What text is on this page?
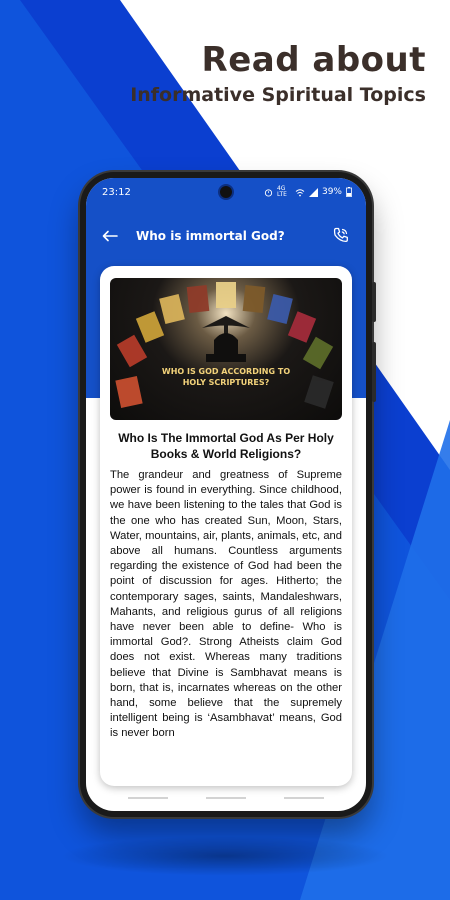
Read about
Informative Spiritual Topics
23:12	4G LTE	39%
Who is immortal God?
WHO IS GOD ACCORDING TO
HOLY SCRIPTURES?
Who Is The Immortal God As Per Holy Books & World Religions?
The grandeur and greatness of Supreme power is found in everything. Since childhood, we have been listening to the tales that God is the one who has created Sun, Moon, Stars, Water, mountains, air, plants, animals, etc, and above all humans. Countless arguments regarding the existence of God had been the point of discussion for ages. Hitherto; the contemporary sages, saints, Mandaleshwars, Mahants, and religious gurus of all religions have never been able to define- Who is immortal God?. Strong Atheists claim God does not exist. Whereas many traditions believe that Divine is Sambhavat means is born, that is, incarnates whereas on the other hand, some believe that the supremely intelligent being is ‘Asambhavat’ means, God is never born
